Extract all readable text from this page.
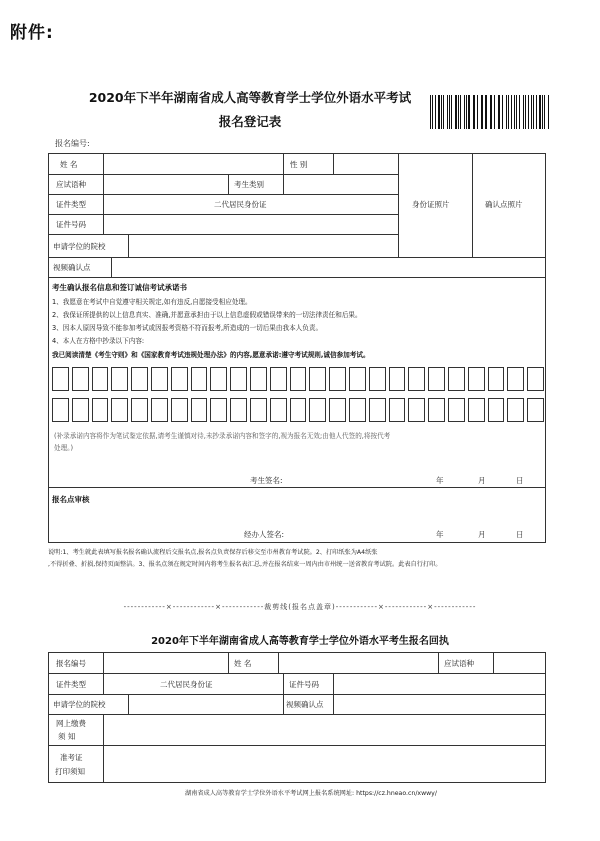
附件:
2020年下半年湖南省成人高等教育学士学位外语水平考试
报名登记表
报名编号:
姓 名	性 别
应试语种	考生类别
证件类型	二代居民身份证
证件号码
申请学位的院校
视频确认点
身份证照片	确认点照片
考生确认报名信息和签订诚信考试承诺书
1、我愿意在考试中自觉遵守相关规定,如有违反,自愿接受相应处理。
2、我保证所提供的以上信息真实、准确,并愿意承担由于以上信息虚假或错误带来的一切法律责任和后果。
3、因本人原因导致不能参加考试或因报考资格不符而报考,所造成的一切后果由我本人负责。
4、本人在方格中抄录以下内容:
我已阅读清楚《考生守则》和《国家教育考试违规处理办法》的内容,愿意承诺:遵守考试规则,诚信参加考试。
(补录承诺内容将作为笔试鉴定依据,请考生谨慎对待,未抄录承诺内容和签字的,视为报名无效;由他人代签的,将按代考
处理。)
考生签名:	年	月	日
报名点审核
经办人签名:	年	月	日
说明:1、考生就此表填写报名报名确认流程后交报名点,报名点负责保存后移交至市州教育考试院。2、打印纸张为A4纸张
,不得折叠、折损,保持页面整洁。3、报名点须在规定时间内将考生报名表汇总,并在报名结束一周内由市州统一送省教育考试院。此表自行打印。
------------×------------×------------裁剪线(报名点盖章)------------×------------×------------
2020年下半年湖南省成人高等教育学士学位外语水平考生报名回执
报名编号	姓 名	应试语种
证件类型	二代居民身份证	证件号码
申请学位的院校	视频确认点
网上缴费
须 知
准考证
打印须知
湖南省成人高等教育学士学位外语水平考试网上报名系统网址: https://cz.hneao.cn/xwwy/
